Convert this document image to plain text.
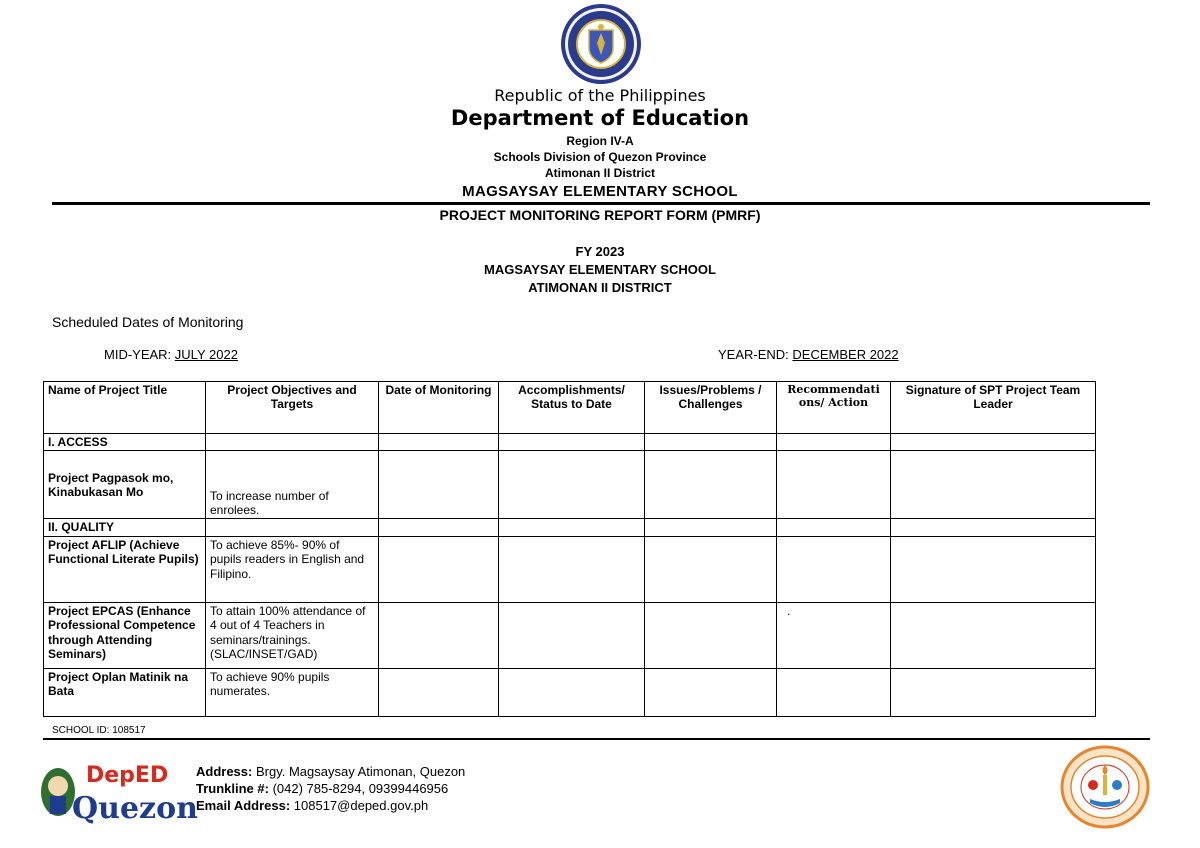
Republic of the Philippines
Department of Education
Region IV-A
Schools Division of Quezon Province
Atimonan II District
MAGSAYSAY ELEMENTARY SCHOOL
PROJECT MONITORING REPORT FORM (PMRF)
FY 2023
MAGSAYSAY ELEMENTARY SCHOOL
ATIMONAN II DISTRICT
Scheduled Dates of Monitoring
MID-YEAR: JULY 2022	YEAR-END: DECEMBER 2022
Name of Project Title	Project Objectives and Targets	Date of Monitoring	Accomplishments/ Status to Date	Issues/Problems / Challenges	Recommendati ons/ Action	Signature of SPT Project Team Leader
I. ACCESS						
Project Pagpasok mo, Kinabukasan Mo	To increase number of enrolees.					
II. QUALITY						
Project AFLIP (Achieve Functional Literate Pupils)	To achieve 85%- 90% of pupils readers in English and Filipino.					
Project EPCAS (Enhance Professional Competence through Attending Seminars)	To attain 100% attendance of 4 out of 4 Teachers in seminars/trainings. (SLAC/INSET/GAD)				.	
Project Oplan Matinik na Bata	To achieve 90% pupils numerates.					
SCHOOL ID: 108517
DepED
Quezon
Address: Brgy. Magsaysay Atimonan, Quezon
Trunkline #: (042) 785-8294, 09399446956
Email Address: 108517@deped.gov.ph
